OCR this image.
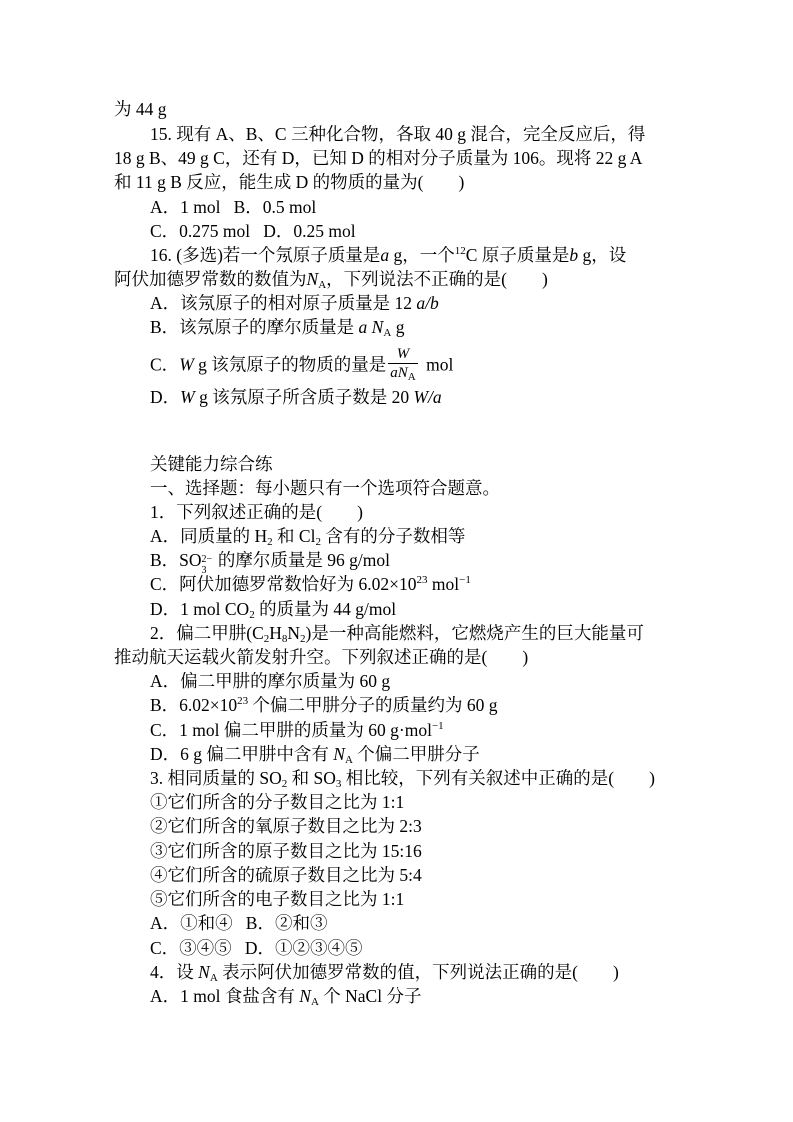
为 44 g
15. 现有 A、B、C 三种化合物，各取 40 g 混合，完全反应后，得
18 g B、49 g C，还有 D，已知 D 的相对分子质量为 106。现将 22 g A
和 11 g B 反应，能生成 D 的物质的量为(　　)
A．1 mol B．0.5 mol
C．0.275 mol D．0.25 mol
16. (多选)若一个氖原子质量是a g，一个$^{12}$C 原子质量是b g，设
阿伏加德罗常数的数值为$N_A$，下列说法不正确的是(　　)
A．该氖原子的相对原子质量是 12 a/b
B．该氖原子的摩尔质量是 a $N_A$ g
C．W g 该氖原子的物质的量是 $\frac{W}{aN_A}$ mol
D．W g 该氖原子所含质子数是 20 W/a
关键能力综合练
一、选择题：每小题只有一个选项符合题意。
1．下列叙述正确的是(　　)
A．同质量的 $H_2$ 和 $Cl_2$ 含有的分子数相等
B．SO 2−
3
的摩尔质量是 96 g/mol
C．阿伏加德罗常数恰好为 $6.02\times 10^{23}$ mol$^{-1}$
D．1 mol $CO_2$ 的质量为 44 g/mol
2．偏二甲肼$(C_2H_8N_2)$是一种高能燃料，它燃烧产生的巨大能量可
推动航天运载火箭发射升空。下列叙述正确的是(　　)
A．偏二甲肼的摩尔质量为 60 g
B．$6.02\times 10^{23}$ 个偏二甲肼分子的质量约为 60 g
C．1 mol 偏二甲肼的质量为 60 g·mol$^{-1}$
D．6 g 偏二甲肼中含有 $N_A$ 个偏二甲肼分子
3. 相同质量的 $SO_2$ 和 $SO_3$ 相比较，下列有关叙述中正确的是(　　)
①它们所含的分子数目之比为 1:1
②它们所含的氧原子数目之比为 2:3
③它们所含的原子数目之比为 15:16
④它们所含的硫原子数目之比为 5:4
⑤它们所含的电子数目之比为 1:1
A．①和④ B．②和③
C．③④⑤ D．①②③④⑤
4．设 $N_A$ 表示阿伏加德罗常数的值，下列说法正确的是(　　)
A．1 mol 食盐含有 $N_A$ 个 NaCl 分子
